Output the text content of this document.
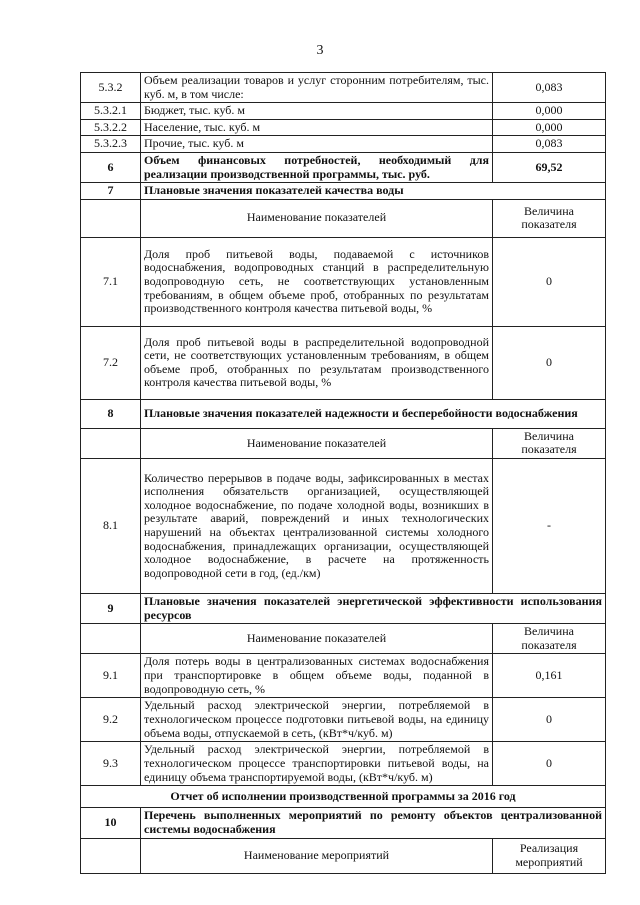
3
5.3.2	Объем реализации товаров и услуг сторонним потребителям, тыс. куб. м, в том числе:	0,083
5.3.2.1	Бюджет, тыс. куб. м	0,000
5.3.2.2	Население, тыс. куб. м	0,000
5.3.2.3	Прочие, тыс. куб. м	0,083
6	Объем финансовых потребностей, необходимый для реализации производственной программы, тыс. руб.	69,52
7	Плановые значения показателей качества воды	
	Наименование показателей	Величина показателя
7.1	Доля проб питьевой воды, подаваемой с источников водоснабжения, водопроводных станций в распределительную водопроводную сеть, не соответствующих установленным требованиям, в общем объеме проб, отобранных по результатам производственного контроля качества питьевой воды, %	0
7.2	Доля проб питьевой воды в распределительной водопроводной сети, не соответствующих установленным требованиям, в общем объеме проб, отобранных по результатам производственного контроля качества питьевой воды, %	0
8	Плановые значения показателей надежности и бесперебойности водоснабжения	
	Наименование показателей	Величина показателя
8.1	Количество перерывов в подаче воды, зафиксированных в местах исполнения обязательств организацией, осуществляющей холодное водоснабжение, по подаче холодной воды, возникших в результате аварий, повреждений и иных технологических нарушений на объектах централизованной системы холодного водоснабжения, принадлежащих организации, осуществляющей холодное водоснабжение, в расчете на протяженность водопроводной сети в год, (ед./км)	-
9	Плановые значения показателей энергетической эффективности использования ресурсов	
	Наименование показателей	Величина показателя
9.1	Доля потерь воды в централизованных системах водоснабжения при транспортировке в общем объеме воды, поданной в водопроводную сеть, %	0,161
9.2	Удельный расход электрической энергии, потребляемой в технологическом процессе подготовки питьевой воды, на единицу объема воды, отпускаемой в сеть, (кВт*ч/куб. м)	0
9.3	Удельный расход электрической энергии, потребляемой в технологическом процессе транспортировки питьевой воды, на единицу объема транспортируемой воды, (кВт*ч/куб. м)	0
Отчет об исполнении производственной программы за 2016 год		
10	Перечень выполненных мероприятий по ремонту объектов централизованной системы водоснабжения	
	Наименование мероприятий	Реализация мероприятий
